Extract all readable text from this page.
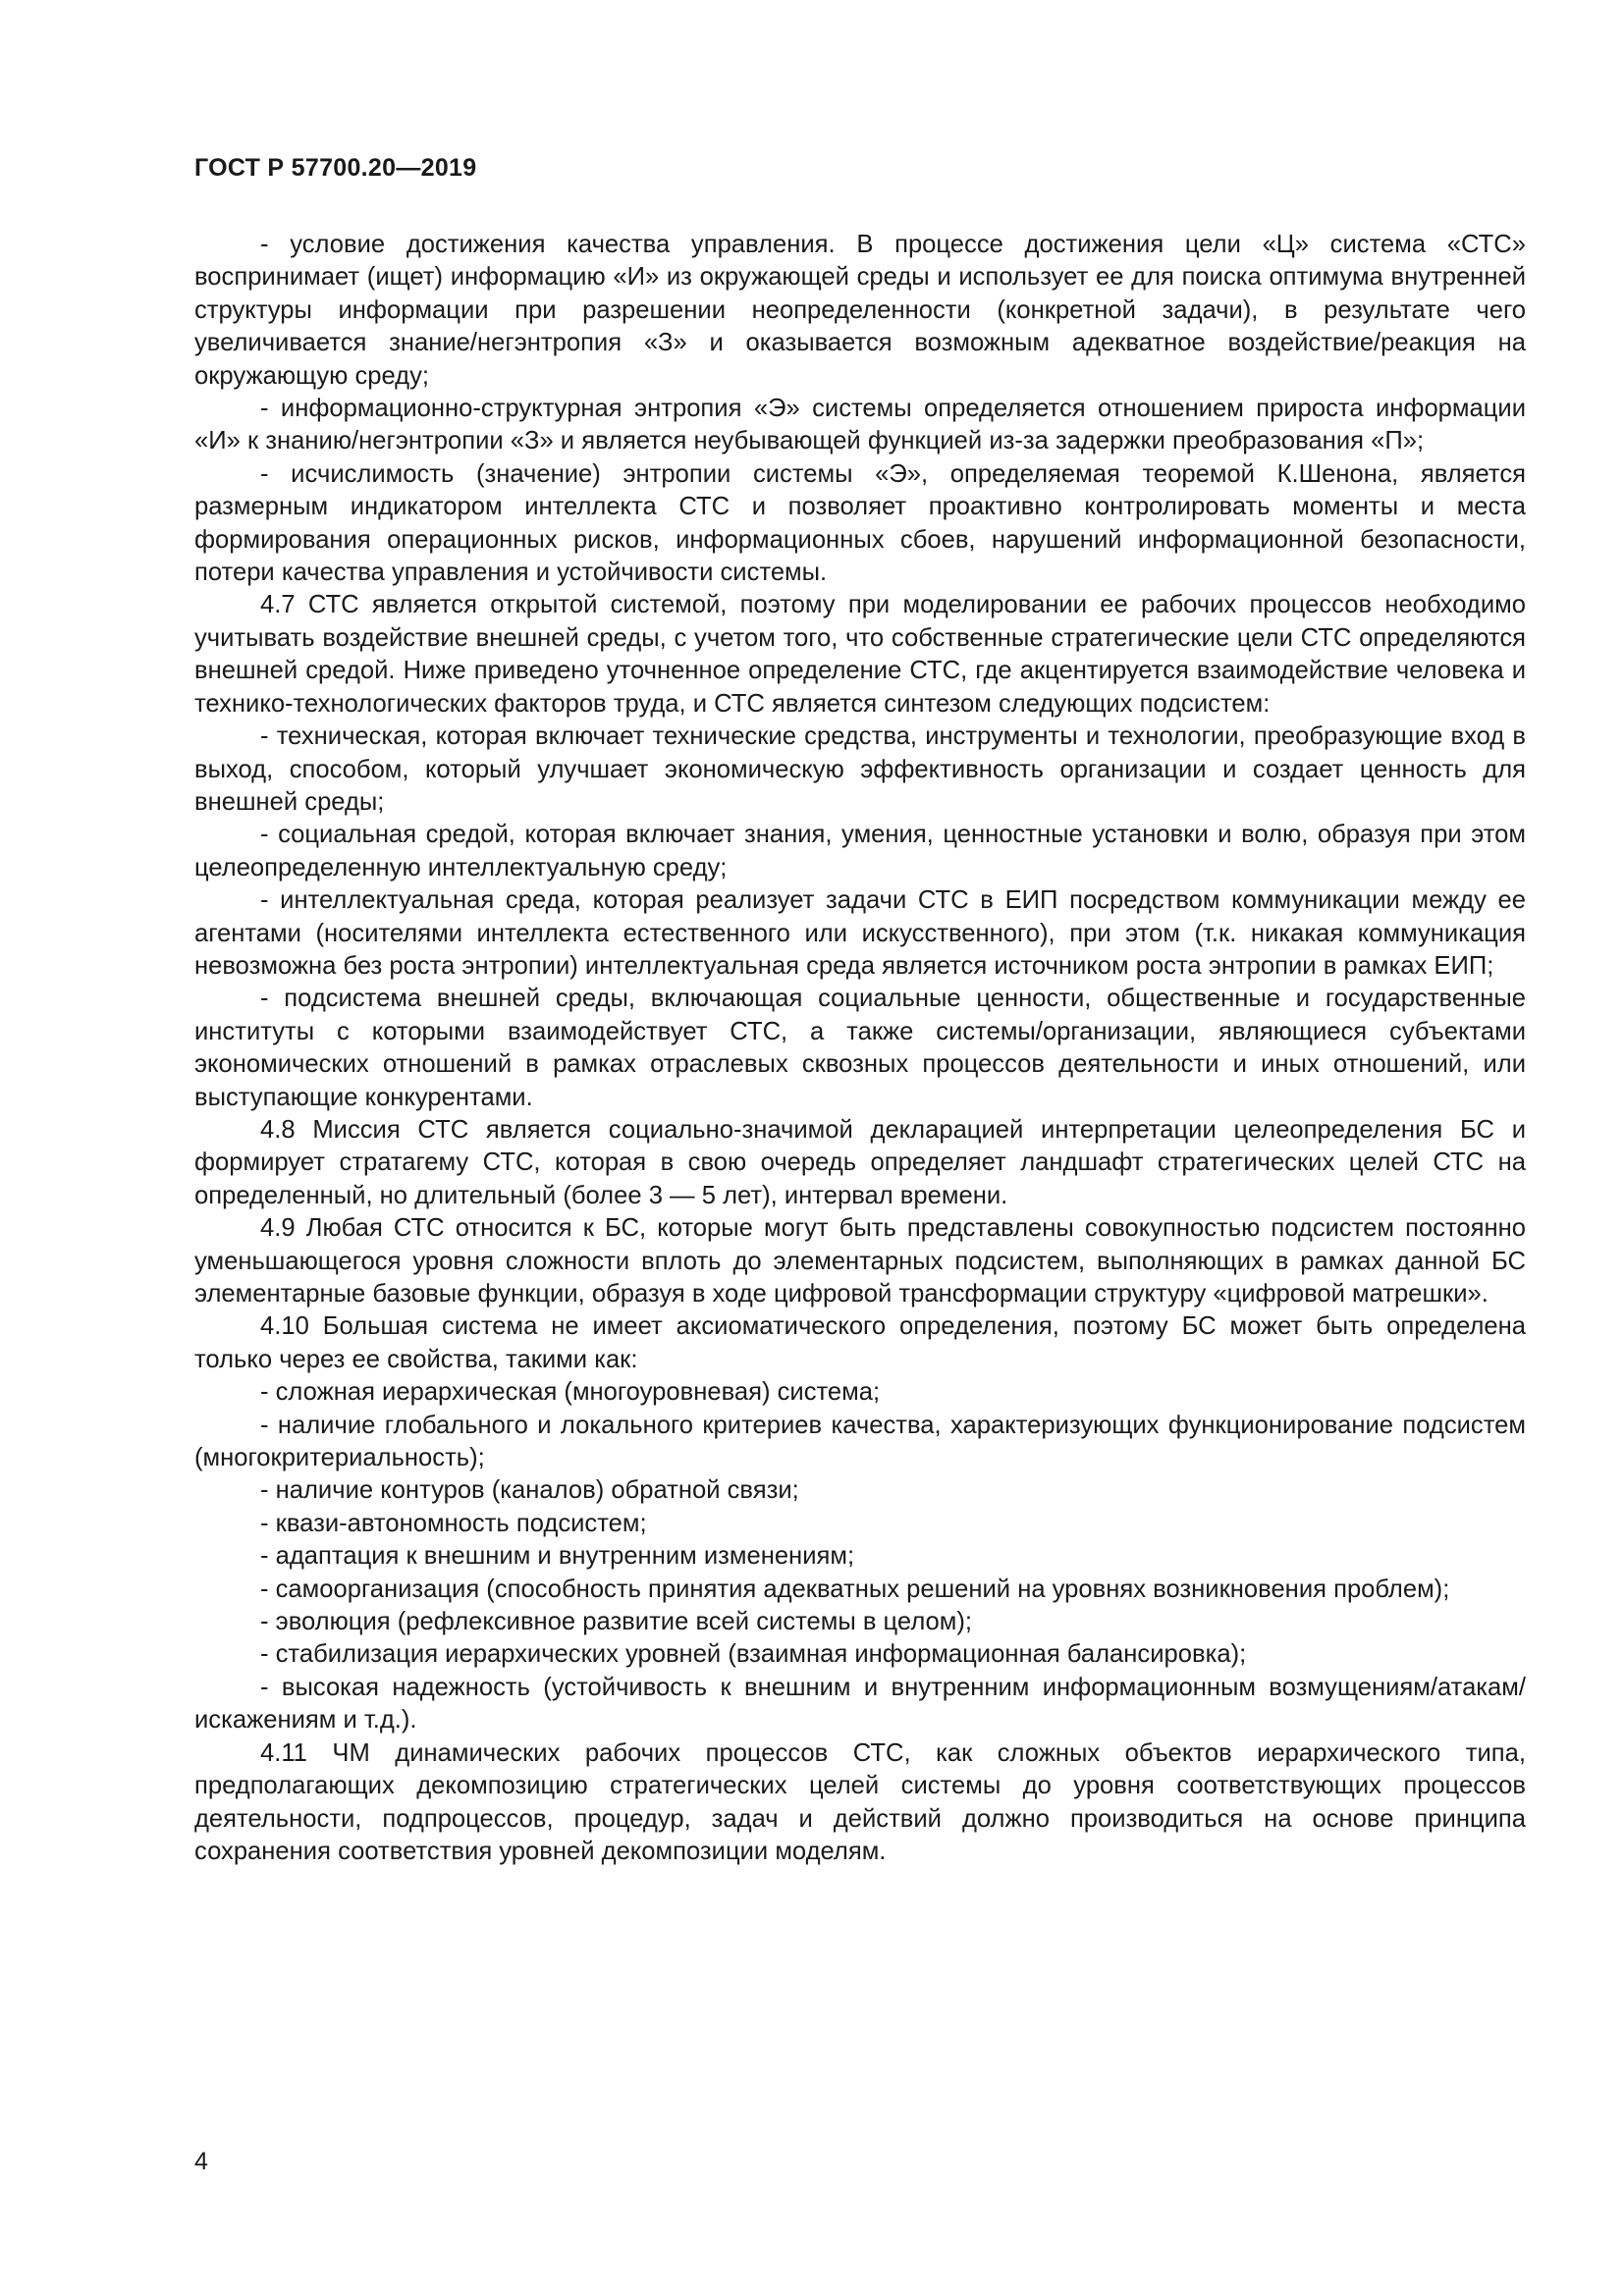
ГОСТ Р 57700.20—2019

- условие достижения качества управления. В процессе достижения цели «Ц» система «СТС» воспринимает (ищет) информацию «И» из окружающей среды и использует ее для поиска оптимума внутренней структуры информации при разрешении неопределенности (конкретной задачи), в результате чего увеличивается знание/негэнтропия «З» и оказывается возможным адекватное воздействие/реакция на окружающую среду;

- информационно-структурная энтропия «Э» системы определяется отношением прироста информации «И» к знанию/негэнтропии «З» и является неубывающей функцией из-за задержки преобразования «П»;

- исчислимость (значение) энтропии системы «Э», определяемая теоремой К.Шенона, является размерным индикатором интеллекта СТС и позволяет проактивно контролировать моменты и места формирования операционных рисков, информационных сбоев, нарушений информационной безопасности, потери качества управления и устойчивости системы.

4.7 СТС является открытой системой, поэтому при моделировании ее рабочих процессов необходимо учитывать воздействие внешней среды, с учетом того, что собственные стратегические цели СТС определяются внешней средой. Ниже приведено уточненное определение СТС, где акцентируется взаимодействие человека и технико-технологических факторов труда, и СТС является синтезом следующих подсистем:

- техническая, которая включает технические средства, инструменты и технологии, преобразующие вход в выход, способом, который улучшает экономическую эффективность организации и создает ценность для внешней среды;

- социальная средой, которая включает знания, умения, ценностные установки и волю, образуя при этом целеопределенную интеллектуальную среду;

- интеллектуальная среда, которая реализует задачи СТС в ЕИП посредством коммуникации между ее агентами (носителями интеллекта естественного или искусственного), при этом (т.к. никакая коммуникация невозможна без роста энтропии) интеллектуальная среда является источником роста энтропии в рамках ЕИП;

- подсистема внешней среды, включающая социальные ценности, общественные и государственные институты с которыми взаимодействует СТС, а также системы/организации, являющиеся субъектами экономических отношений в рамках отраслевых сквозных процессов деятельности и иных отношений, или выступающие конкурентами.

4.8 Миссия СТС является социально-значимой декларацией интерпретации целеопределения БС и формирует стратагему СТС, которая в свою очередь определяет ландшафт стратегических целей СТС на определенный, но длительный (более 3 — 5 лет), интервал времени.

4.9 Любая СТС относится к БС, которые могут быть представлены совокупностью подсистем постоянно уменьшающегося уровня сложности вплоть до элементарных подсистем, выполняющих в рамках данной БС элементарные базовые функции, образуя в ходе цифровой трансформации структуру «цифровой матрешки».

4.10 Большая система не имеет аксиоматического определения, поэтому БС может быть определена только через ее свойства, такими как:

- сложная иерархическая (многоуровневая) система;

- наличие глобального и локального критериев качества, характеризующих функционирование подсистем (многокритериальность);

- наличие контуров (каналов) обратной связи;

- квази-автономность подсистем;

- адаптация к внешним и внутренним изменениям;

- самоорганизация (способность принятия адекватных решений на уровнях возникновения проблем);

- эволюция (рефлексивное развитие всей системы в целом);

- стабилизация иерархических уровней (взаимная информационная балансировка);

- высокая надежность (устойчивость к внешним и внутренним информационным возмущениям/атакам/искажениям и т.д.).

4.11 ЧМ динамических рабочих процессов СТС, как сложных объектов иерархического типа, предполагающих декомпозицию стратегических целей системы до уровня соответствующих процессов деятельности, подпроцессов, процедур, задач и действий должно производиться на основе принципа сохранения соответствия уровней декомпозиции моделям.

4
